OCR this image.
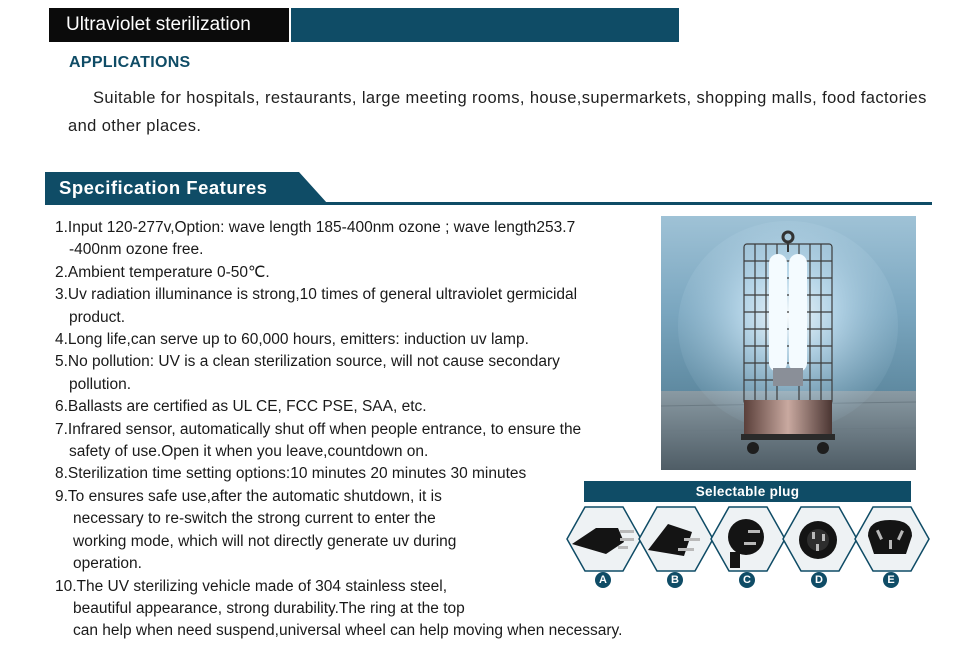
Ultraviolet sterilization
APPLICATIONS
Suitable for hospitals, restaurants, large meeting rooms, house,supermarkets, shopping malls, food factories and other places.
Specification Features
1.Input 120-277v,Option: wave length 185-400nm ozone ; wave length253.7
-400nm ozone free.
2.Ambient temperature 0-50℃.
3.Uv radiation illuminance is strong,10 times of general ultraviolet germicidal
product.
4.Long life,can serve up to 60,000 hours, emitters: induction uv lamp.
5.No pollution: UV is a clean sterilization source, will not cause secondary
pollution.
6.Ballasts are certified as UL CE, FCC PSE, SAA, etc.
7.Infrared sensor, automatically shut off when people entrance, to ensure the
safety of use.Open it when you leave,countdown on.
8.Sterilization time setting options:10 minutes 20 minutes 30 minutes
9.To ensures safe use,after the automatic shutdown, it is
necessary to re-switch the strong current to enter the
working mode, which will not directly generate uv during
operation.
10.The UV sterilizing vehicle made of 304 stainless steel,
beautiful appearance, strong durability.The ring at the top
can help when need suspend,universal wheel can help moving when necessary.
Selectable plug
A	B	C	D	E
